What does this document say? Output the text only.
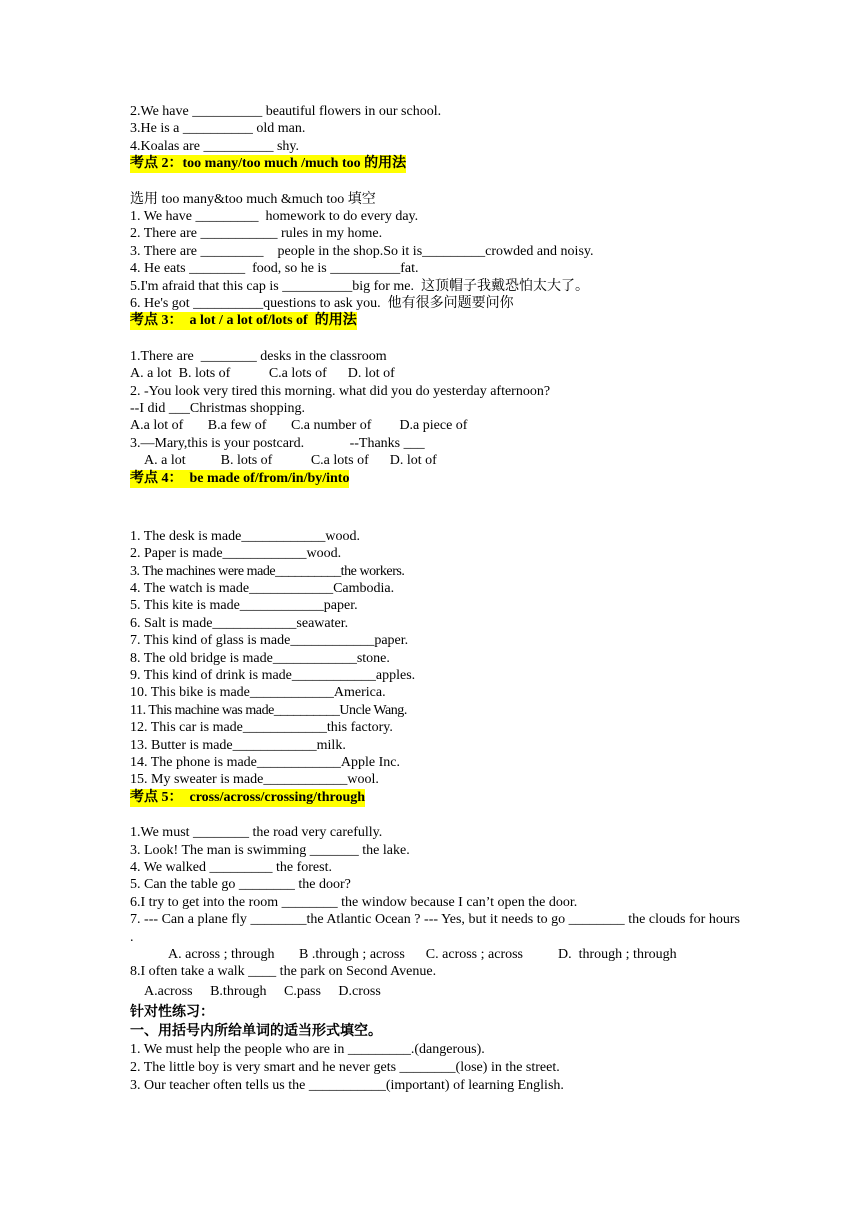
2.We have __________ beautiful flowers in our school.
3.He is a __________ old man.
4.Koalas are __________ shy.
考点 2：too many/too much /much too 的用法
选用 too many&too much &much too 填空
1. We have _________  homework to do every day.
2. There are ___________ rules in my home.
3. There are _________    people in the shop.So it is_________crowded and noisy.
4. He eats ________  food, so he is __________fat.
5.I'm afraid that this cap is __________big for me.  这顶帽子我戴恐怕太大了。
6. He's got __________questions to ask you.  他有很多问题要问你
考点 3：  a lot / a lot of/lots of  的用法
1.There are  ________ desks in the classroom
A. a lot  B. lots of           C.a lots of      D. lot of
2. -You look very tired this morning. what did you do yesterday afternoon?
--I did ___Christmas shopping.
A.a lot of       B.a few of       C.a number of        D.a piece of
3.—Mary,this is your postcard.             --Thanks ___
A. a lot          B. lots of           C.a lots of      D. lot of
考点 4：  be made of/from/in/by/into
1. The desk is made____________wood.
2. Paper is made____________wood.
3. The machines were made__________the workers.
4. The watch is made____________Cambodia.
5. This kite is made____________paper.
6. Salt is made____________seawater.
7. This kind of glass is made____________paper.
8. The old bridge is made____________stone.
9. This kind of drink is made____________apples.
10. This bike is made____________America.
11. This machine was made__________Uncle Wang.
12. This car is made____________this factory.
13. Butter is made____________milk.
14. The phone is made____________Apple Inc.
15. My sweater is made____________wool.
考点 5：  cross/across/crossing/through
1.We must ________ the road very carefully.
3. Look! The man is swimming _______ the lake.
4. We walked _________ the forest.
5. Can the table go ________ the door?
6.I try to get into the room ________ the window because I can’t open the door.
7. --- Can a plane fly ________the Atlantic Ocean ? --- Yes, but it needs to go ________ the clouds for hours .
A. across ; through       B .through ; across      C. across ; across          D.  through ; through
8.I often take a walk ____ the park on Second Avenue.
A.across     B.through     C.pass     D.cross
针对性练习：
一、用括号内所给单词的适当形式填空。
1. We must help the people who are in _________.(dangerous).
2. The little boy is very smart and he never gets ________(lose) in the street.
3. Our teacher often tells us the ___________(important) of learning English.
